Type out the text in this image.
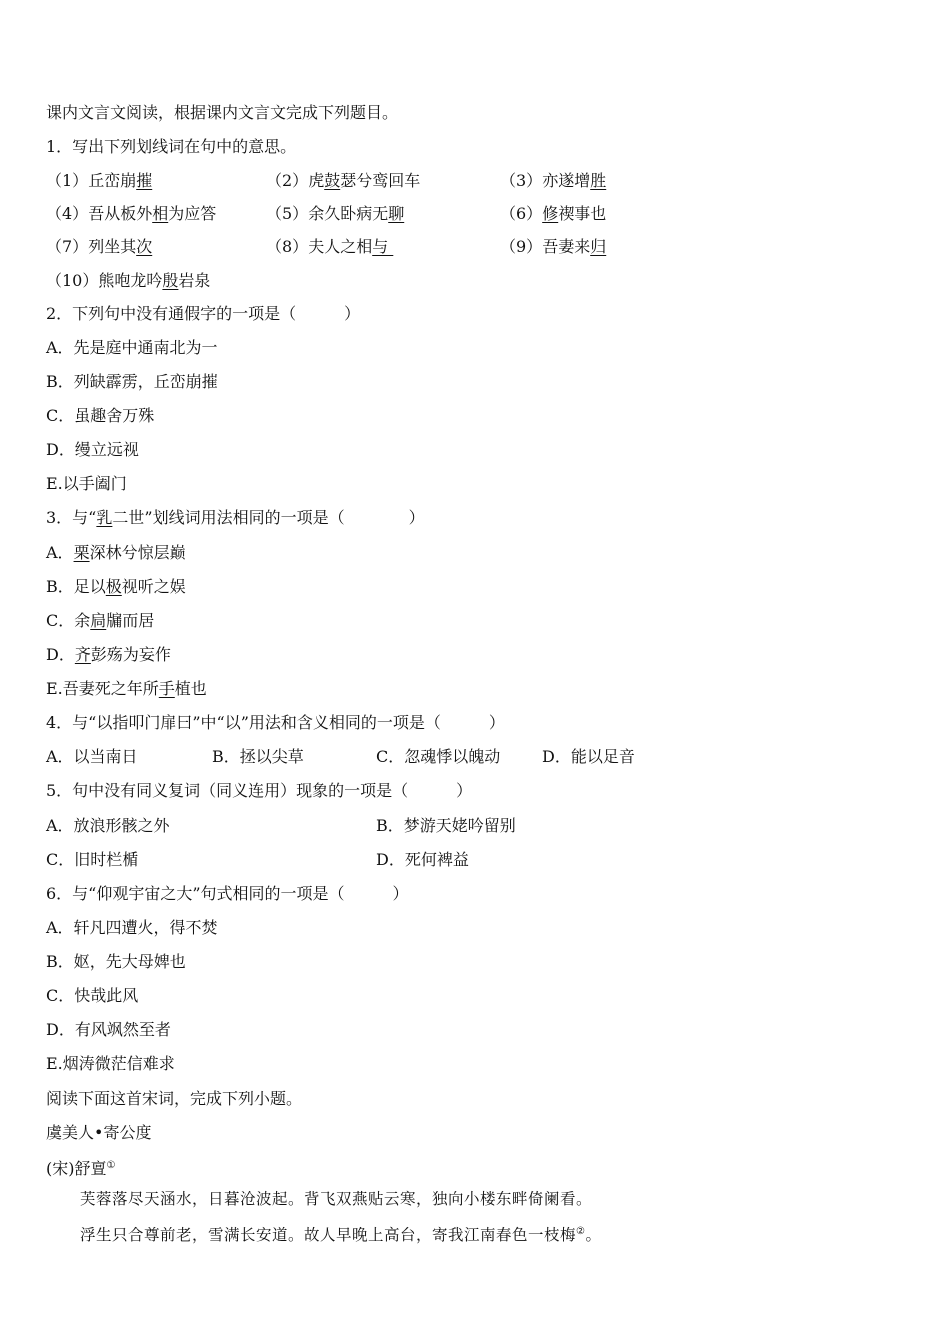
课内文言文阅读，根据课内文言文完成下列题目。
1．写出下列划线词在句中的意思。
（1）丘峦崩摧	（2）虎鼓瑟兮鸾回车	（3）亦遂增胜
（4）吾从板外相为应答	（5）余久卧病无聊	（6）修禊事也
（7）列坐其次	（8）夫人之相与	（9）吾妻来归
（10）熊咆龙吟殷岩泉
2．下列句中没有通假字的一项是（　　　）
A．先是庭中通南北为一
B．列缺霹雳，丘峦崩摧
C．虽趣舍万殊
D．缦立远视
E.以手阖门
3．与“乳二世”划线词用法相同的一项是（　　　　）
A．栗深林兮惊层巅
B．足以极视听之娱
C．余扃牖而居
D．齐彭殇为妄作
E.吾妻死之年所手植也
4．与“以指叩门扉曰”中“以”用法和含义相同的一项是（　　　）
A．以当南日	B．拯以尖草	C．忽魂悸以魄动	D．能以足音
5．句中没有同义复词（同义连用）现象的一项是（　　　）
A．放浪形骸之外	B．梦游天姥吟留别
C．旧时栏楯	D．死何裨益
6．与“仰观宇宙之大”句式相同的一项是（　　　）
A．轩凡四遭火，得不焚
B．妪，先大母婢也
C．快哉此风
D．有风飒然至者
E.烟涛微茫信难求
阅读下面这首宋词，完成下列小题。
虞美人•寄公度
(宋)舒亶①
芙蓉落尽天涵水，日暮沧波起。背飞双燕贴云寒，独向小楼东畔倚阑看。
浮生只合尊前老，雪满长安道。故人早晚上高台，寄我江南春色一枝梅②。
